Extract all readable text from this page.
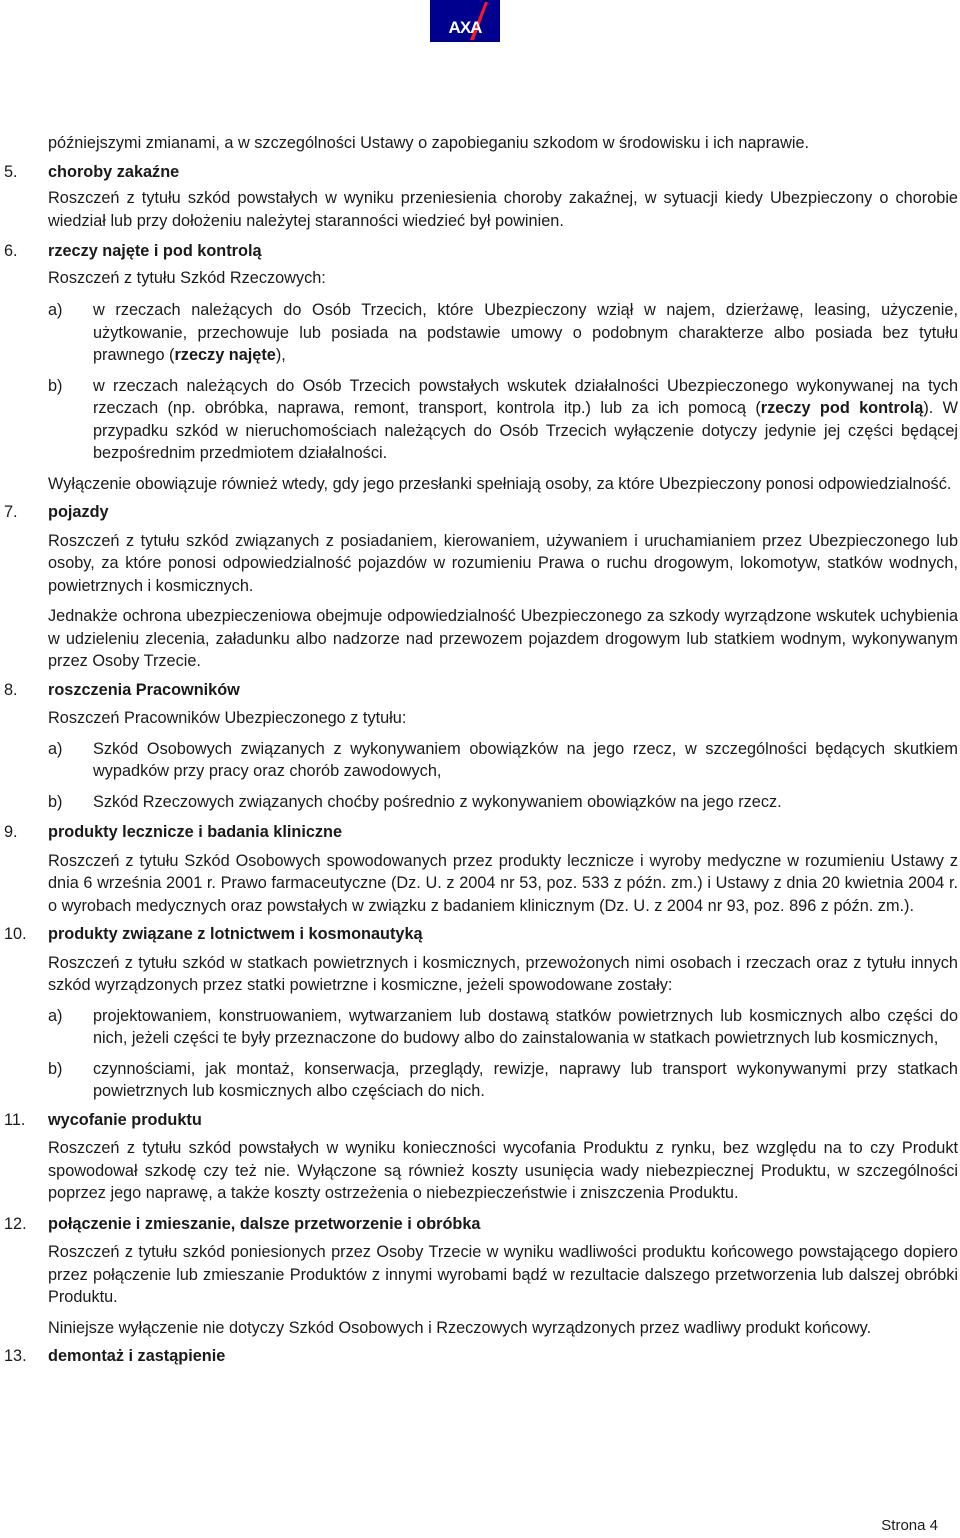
AXA
późniejszymi zmianami, a w szczególności Ustawy o zapobieganiu szkodom w środowisku i ich naprawie.
5. choroby zakaźne
Roszczeń z tytułu szkód powstałych w wyniku przeniesienia choroby zakaźnej, w sytuacji kiedy Ubezpieczony o chorobie wiedział lub przy dołożeniu należytej staranności wiedzieć był powinien.
6. rzeczy najęte i pod kontrolą
Roszczeń z tytułu Szkód Rzeczowych:
a) w rzeczach należących do Osób Trzecich, które Ubezpieczony wziął w najem, dzierżawę, leasing, użyczenie, użytkowanie, przechowuje lub posiada na podstawie umowy o podobnym charakterze albo posiada bez tytułu prawnego (rzeczy najęte),
b) w rzeczach należących do Osób Trzecich powstałych wskutek działalności Ubezpieczonego wykonywanej na tych rzeczach (np. obróbka, naprawa, remont, transport, kontrola itp.) lub za ich pomocą (rzeczy pod kontrolą). W przypadku szkód w nieruchomościach należących do Osób Trzecich wyłączenie dotyczy jedynie jej części będącej bezpośrednim przedmiotem działalności.
Wyłączenie obowiązuje również wtedy, gdy jego przesłanki spełniają osoby, za które Ubezpieczony ponosi odpowiedzialność.
7. pojazdy
Roszczeń z tytułu szkód związanych z posiadaniem, kierowaniem, używaniem i uruchamianiem przez Ubezpieczonego lub osoby, za które ponosi odpowiedzialność pojazdów w rozumieniu Prawa o ruchu drogowym, lokomotyw, statków wodnych, powietrznych i kosmicznych.
Jednakże ochrona ubezpieczeniowa obejmuje odpowiedzialność Ubezpieczonego za szkody wyrządzone wskutek uchybienia w udzieleniu zlecenia, załadunku albo nadzorze nad przewozem pojazdem drogowym lub statkiem wodnym, wykonywanym przez Osoby Trzecie.
8. roszczenia Pracowników
Roszczeń Pracowników Ubezpieczonego z tytułu:
a) Szkód Osobowych związanych z wykonywaniem obowiązków na jego rzecz, w szczególności będących skutkiem wypadków przy pracy oraz chorób zawodowych,
b) Szkód Rzeczowych związanych choćby pośrednio z wykonywaniem obowiązków na jego rzecz.
9. produkty lecznicze i badania kliniczne
Roszczeń z tytułu Szkód Osobowych spowodowanych przez produkty lecznicze i wyroby medyczne w rozumieniu Ustawy z dnia 6 września 2001 r. Prawo farmaceutyczne (Dz. U. z 2004 nr 53, poz. 533 z późn. zm.) i Ustawy z dnia 20 kwietnia 2004 r. o wyrobach medycznych oraz powstałych w związku z badaniem klinicznym (Dz. U. z 2004 nr 93, poz. 896 z późn. zm.).
10. produkty związane z lotnictwem i kosmonautyką
Roszczeń z tytułu szkód w statkach powietrznych i kosmicznych, przewożonych nimi osobach i rzeczach oraz z tytułu innych szkód wyrządzonych przez statki powietrzne i kosmiczne, jeżeli spowodowane zostały:
a) projektowaniem, konstruowaniem, wytwarzaniem lub dostawą statków powietrznych lub kosmicznych albo części do nich, jeżeli części te były przeznaczone do budowy albo do zainstalowania w statkach powietrznych lub kosmicznych,
b) czynnościami, jak montaż, konserwacja, przeglądy, rewizje, naprawy lub transport wykonywanymi przy statkach powietrznych lub kosmicznych albo częściach do nich.
11. wycofanie produktu
Roszczeń z tytułu szkód powstałych w wyniku konieczności wycofania Produktu z rynku, bez względu na to czy Produkt spowodował szkodę czy też nie. Wyłączone są również koszty usunięcia wady niebezpiecznej Produktu, w szczególności poprzez jego naprawę, a także koszty ostrzeżenia o niebezpieczeństwie i zniszczenia Produktu.
12. połączenie i zmieszanie, dalsze przetworzenie i obróbka
Roszczeń z tytułu szkód poniesionych przez Osoby Trzecie w wyniku wadliwości produktu końcowego powstającego dopiero przez połączenie lub zmieszanie Produktów z innymi wyrobami bądź w rezultacie dalszego przetworzenia lub dalszej obróbki Produktu.
Niniejsze wyłączenie nie dotyczy Szkód Osobowych i Rzeczowych wyrządzonych przez wadliwy produkt końcowy.
13. demontaż i zastąpienie
Strona 4
